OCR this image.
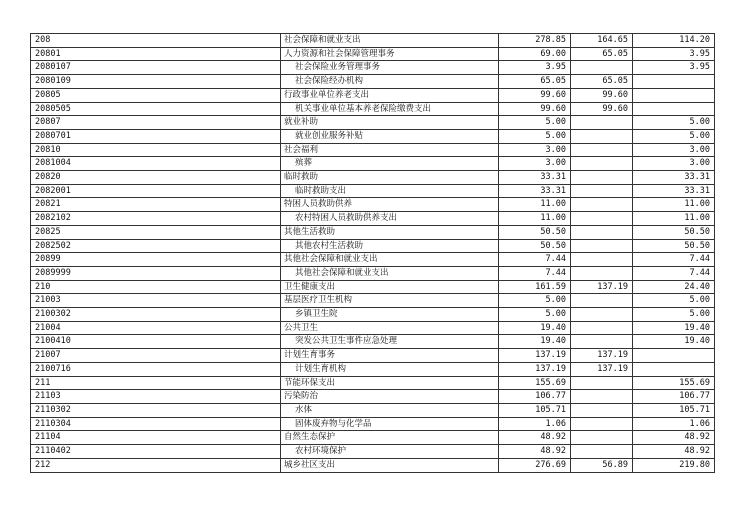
208	社会保障和就业支出	278.85	164.65	114.20
20801	人力资源和社会保障管理事务	69.00	65.05	3.95
2080107	社会保险业务管理事务	3.95		3.95
2080109	社会保险经办机构	65.05	65.05	
20805	行政事业单位养老支出	99.60	99.60	
2080505	机关事业单位基本养老保险缴费支出	99.60	99.60	
20807	就业补助	5.00		5.00
2080701	就业创业服务补贴	5.00		5.00
20810	社会福利	3.00		3.00
2081004	殡葬	3.00		3.00
20820	临时救助	33.31		33.31
2082001	临时救助支出	33.31		33.31
20821	特困人员救助供养	11.00		11.00
2082102	农村特困人员救助供养支出	11.00		11.00
20825	其他生活救助	50.50		50.50
2082502	其他农村生活救助	50.50		50.50
20899	其他社会保障和就业支出	7.44		7.44
2089999	其他社会保障和就业支出	7.44		7.44
210	卫生健康支出	161.59	137.19	24.40
21003	基层医疗卫生机构	5.00		5.00
2100302	乡镇卫生院	5.00		5.00
21004	公共卫生	19.40		19.40
2100410	突发公共卫生事件应急处理	19.40		19.40
21007	计划生育事务	137.19	137.19	
2100716	计划生育机构	137.19	137.19	
211	节能环保支出	155.69		155.69
21103	污染防治	106.77		106.77
2110302	水体	105.71		105.71
2110304	固体废弃物与化学品	1.06		1.06
21104	自然生态保护	48.92		48.92
2110402	农村环境保护	48.92		48.92
212	城乡社区支出	276.69	56.89	219.80
